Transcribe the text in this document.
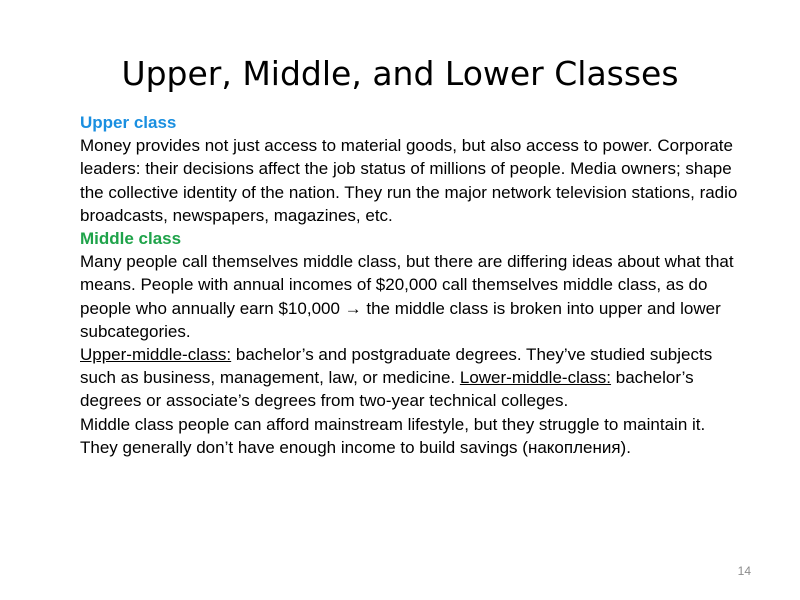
Upper, Middle, and Lower Classes

Upper class

Money provides not just access to material goods, but also access to power. Corporate leaders: their decisions affect the job status of millions of people. Media owners; shape the collective identity of the nation. They run the major network television stations, radio broadcasts, newspapers, magazines, etc.

Middle class

Many people call themselves middle class, but there are differing ideas about what that means. People with annual incomes of $20,000 call themselves middle class, as do people who annually earn $10,000 → the middle class is broken into upper and lower subcategories.

Upper-middle-class: bachelor’s and postgraduate degrees. They’ve studied subjects such as business, management, law, or medicine. Lower-middle-class: bachelor’s degrees or associate’s degrees from two-year technical colleges.

Middle class people can afford mainstream lifestyle, but they struggle to maintain it. They generally don’t have enough income to build savings (накопления).

14
